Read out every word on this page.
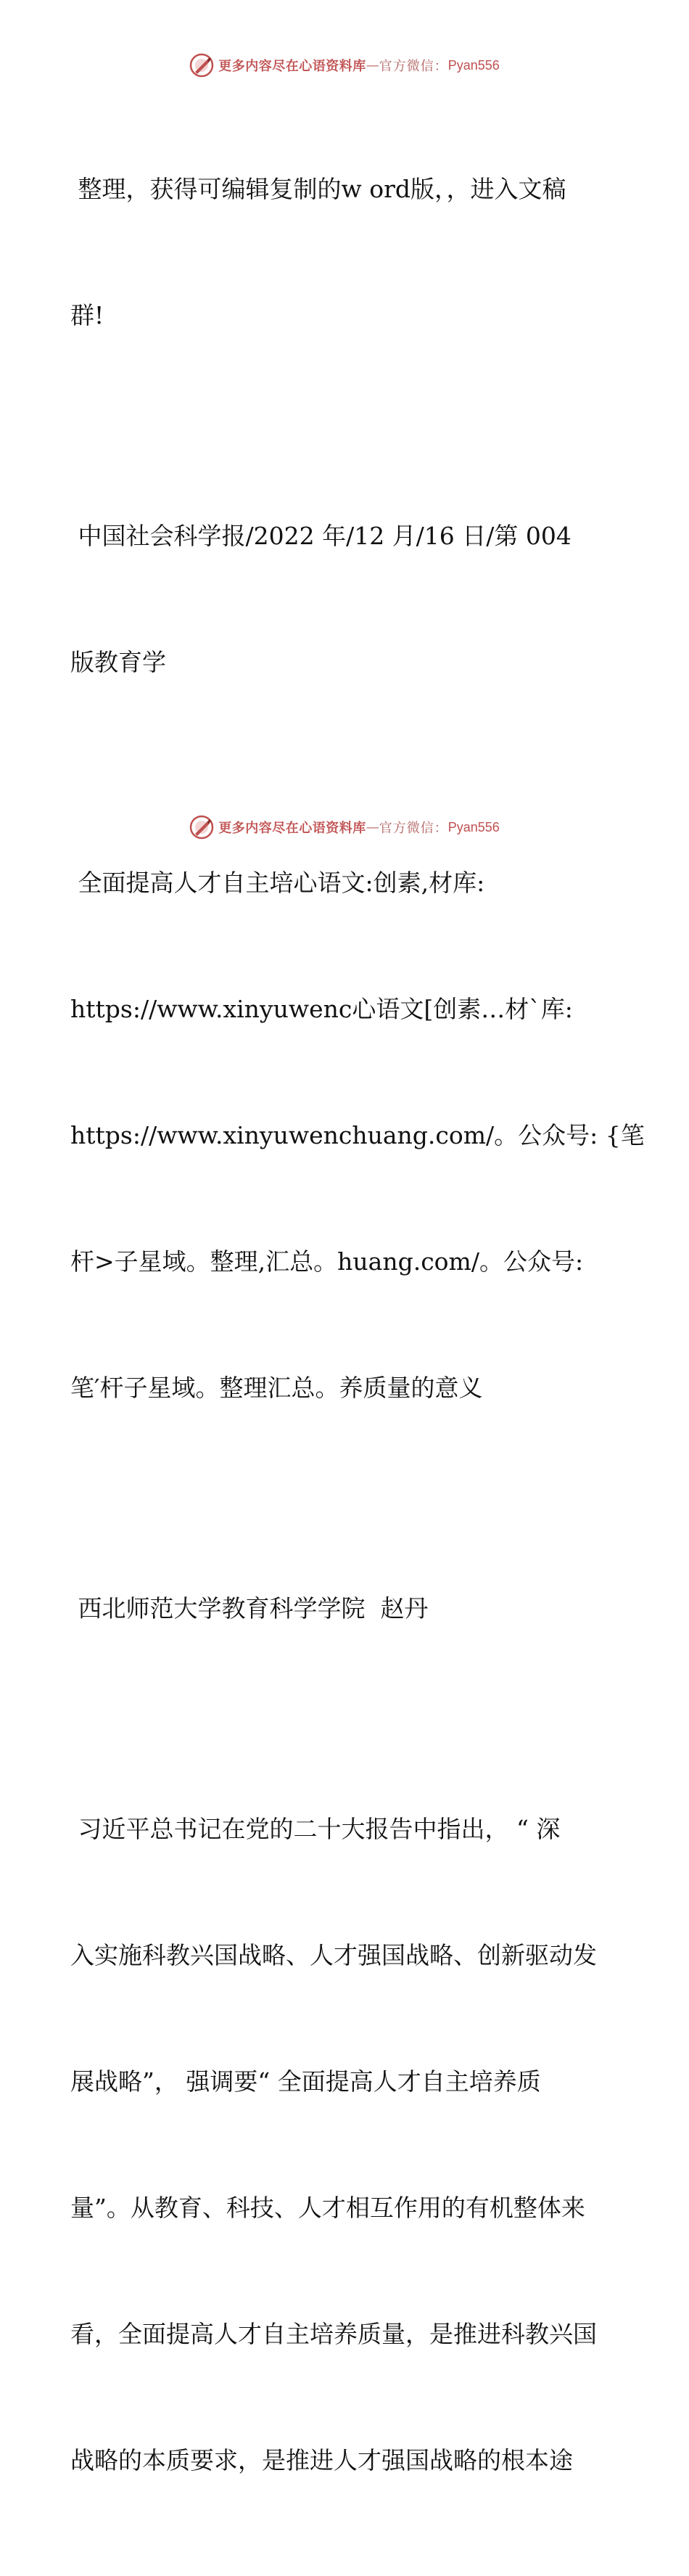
更多内容尽在心语资料库 — 官方微信： Pyan556

整理，获得可编辑复制的w ord版，，进入文稿

群!

中国社会科学报/2022 年/12 月/16 日/第 004

版教育学

全面提高人才自主培心语文:创素,材库:

https://www.xinyuwenc心语文[创素…材`库:

https://www.xinyuwenchuang.com/。公众号: {笔

杆>子星域。整理,汇总。huang.com/。公众号:

笔′杆子星域。整理汇总。养质量的意义

西北师范大学教育科学学院  赵丹

习近平总书记在党的二十大报告中指出， “ 深

入实施科教兴国战略、人才强国战略、创新驱动发

展战略”， 强调要“ 全面提高人才自主培养质

量”。从教育、科技、人才相互作用的有机整体来

看，全面提高人才自主培养质量，是推进科教兴国

战略的本质要求，是推进人才强国战略的根本途

更多内容尽在心语资料库 — 官方微信： Pyan556
